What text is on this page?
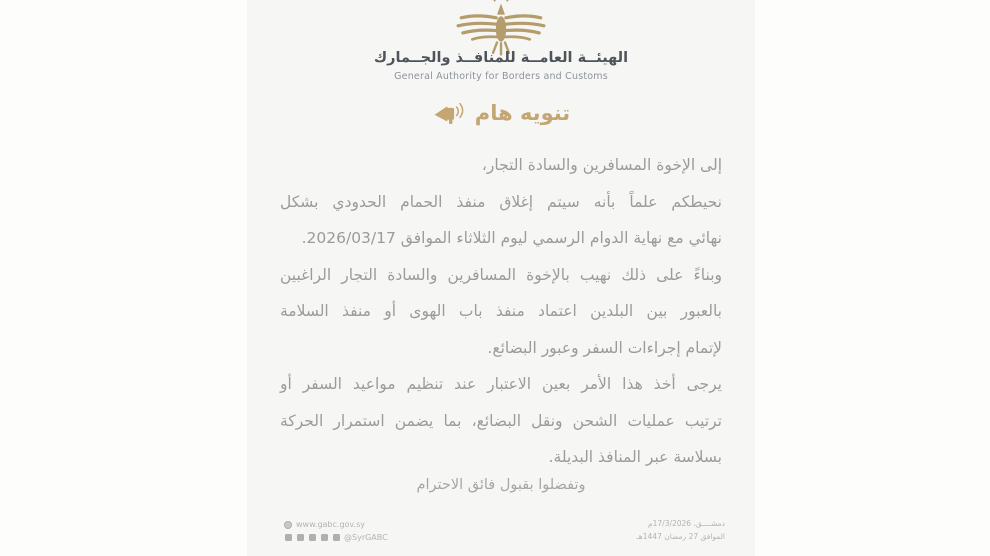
الهيئــة العامــة للمنافــذ والجــمارك
General Authority for Borders and Customs
تنويه هام
إلى الإخوة المسافرين والسادة التجار،
نحيطكم علماً بأنه سيتم إغلاق منفذ الحمام الحدودي بشكل
نهائي مع نهاية الدوام الرسمي ليوم الثلاثاء الموافق 2026/03/17.
وبناءً على ذلك نهيب بالإخوة المسافرين والسادة التجار الراغبين
بالعبور بين البلدين اعتماد منفذ باب الهوى أو منفذ السلامة
لإتمام إجراءات السفر وعبور البضائع.
يرجى أخذ هذا الأمر بعين الاعتبار عند تنظيم مواعيد السفر أو
ترتيب عمليات الشحن ونقل البضائع، بما يضمن استمرار الحركة
بسلاسة عبر المنافذ البديلة.
وتفضلوا بقبول فائق الاحترام
www.gabc.gov.sy
@SyrGABC
دمشــــق، 17/3/2026م
الموافق 27 رمضان 1447هـ
